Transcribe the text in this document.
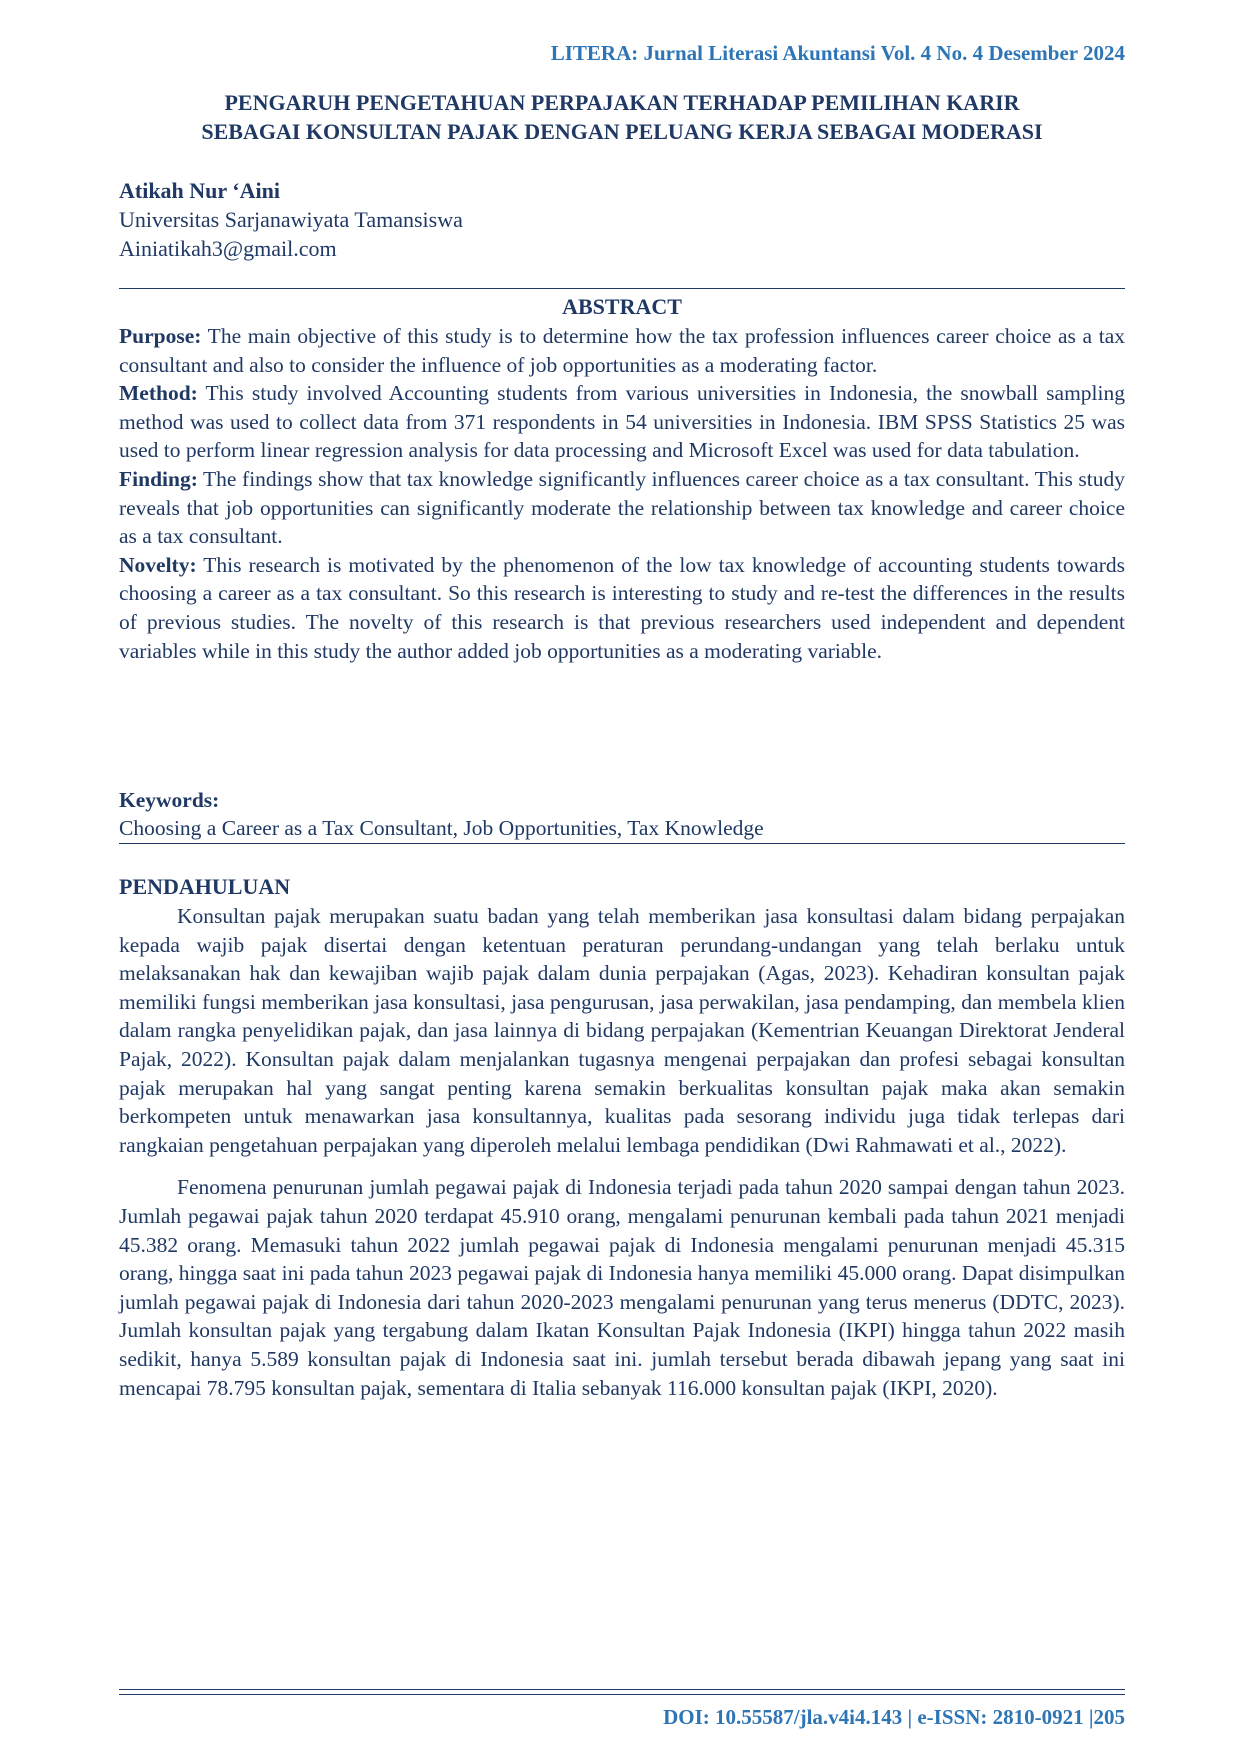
LITERA: Jurnal Literasi Akuntansi Vol. 4 No. 4 Desember 2024
PENGARUH PENGETAHUAN PERPAJAKAN TERHADAP PEMILIHAN KARIR
SEBAGAI KONSULTAN PAJAK DENGAN PELUANG KERJA SEBAGAI MODERASI
Atikah Nur ‘Aini
Universitas Sarjanawiyata Tamansiswa
Ainiatikah3@gmail.com
ABSTRACT

Purpose: The main objective of this study is to determine how the tax profession influences career choice as a tax consultant and also to consider the influence of job opportunities as a moderating factor.

Method: This study involved Accounting students from various universities in Indonesia, the snowball sampling method was used to collect data from 371 respondents in 54 universities in Indonesia. IBM SPSS Statistics 25 was used to perform linear regression analysis for data processing and Microsoft Excel was used for data tabulation.

Finding: The findings show that tax knowledge significantly influences career choice as a tax consultant. This study reveals that job opportunities can significantly moderate the relationship between tax knowledge and career choice as a tax consultant.

Novelty: This research is motivated by the phenomenon of the low tax knowledge of accounting students towards choosing a career as a tax consultant. So this research is interesting to study and re-test the differences in the results of previous studies. The novelty of this research is that previous researchers used independent and dependent variables while in this study the author added job opportunities as a moderating variable.

Keywords:
Choosing a Career as a Tax Consultant, Job Opportunities, Tax Knowledge
PENDAHULUAN

Konsultan pajak merupakan suatu badan yang telah memberikan jasa konsultasi dalam bidang perpajakan kepada wajib pajak disertai dengan ketentuan peraturan perundang-undangan yang telah berlaku untuk melaksanakan hak dan kewajiban wajib pajak dalam dunia perpajakan (Agas, 2023). Kehadiran konsultan pajak memiliki fungsi memberikan jasa konsultasi, jasa pengurusan, jasa perwakilan, jasa pendamping, dan membela klien dalam rangka penyelidikan pajak, dan jasa lainnya di bidang perpajakan (Kementrian Keuangan Direktorat Jenderal Pajak, 2022). Konsultan pajak dalam menjalankan tugasnya mengenai perpajakan dan profesi sebagai konsultan pajak merupakan hal yang sangat penting karena semakin berkualitas konsultan pajak maka akan semakin berkompeten untuk menawarkan jasa konsultannya, kualitas pada sesorang individu juga tidak terlepas dari rangkaian pengetahuan perpajakan yang diperoleh melalui lembaga pendidikan (Dwi Rahmawati et al., 2022).

Fenomena penurunan jumlah pegawai pajak di Indonesia terjadi pada tahun 2020 sampai dengan tahun 2023. Jumlah pegawai pajak tahun 2020 terdapat 45.910 orang, mengalami penurunan kembali pada tahun 2021 menjadi 45.382 orang. Memasuki tahun 2022 jumlah pegawai pajak di Indonesia mengalami penurunan menjadi 45.315 orang, hingga saat ini pada tahun 2023 pegawai pajak di Indonesia hanya memiliki 45.000 orang. Dapat disimpulkan jumlah pegawai pajak di Indonesia dari tahun 2020-2023 mengalami penurunan yang terus menerus (DDTC, 2023). Jumlah konsultan pajak yang tergabung dalam Ikatan Konsultan Pajak Indonesia (IKPI) hingga tahun 2022 masih sedikit, hanya 5.589 konsultan pajak di Indonesia saat ini. jumlah tersebut berada dibawah jepang yang saat ini mencapai 78.795 konsultan pajak, sementara di Italia sebanyak 116.000 konsultan pajak (IKPI, 2020).

DOI: 10.55587/jla.v4i4.143 | e-ISSN: 2810-0921 |205
